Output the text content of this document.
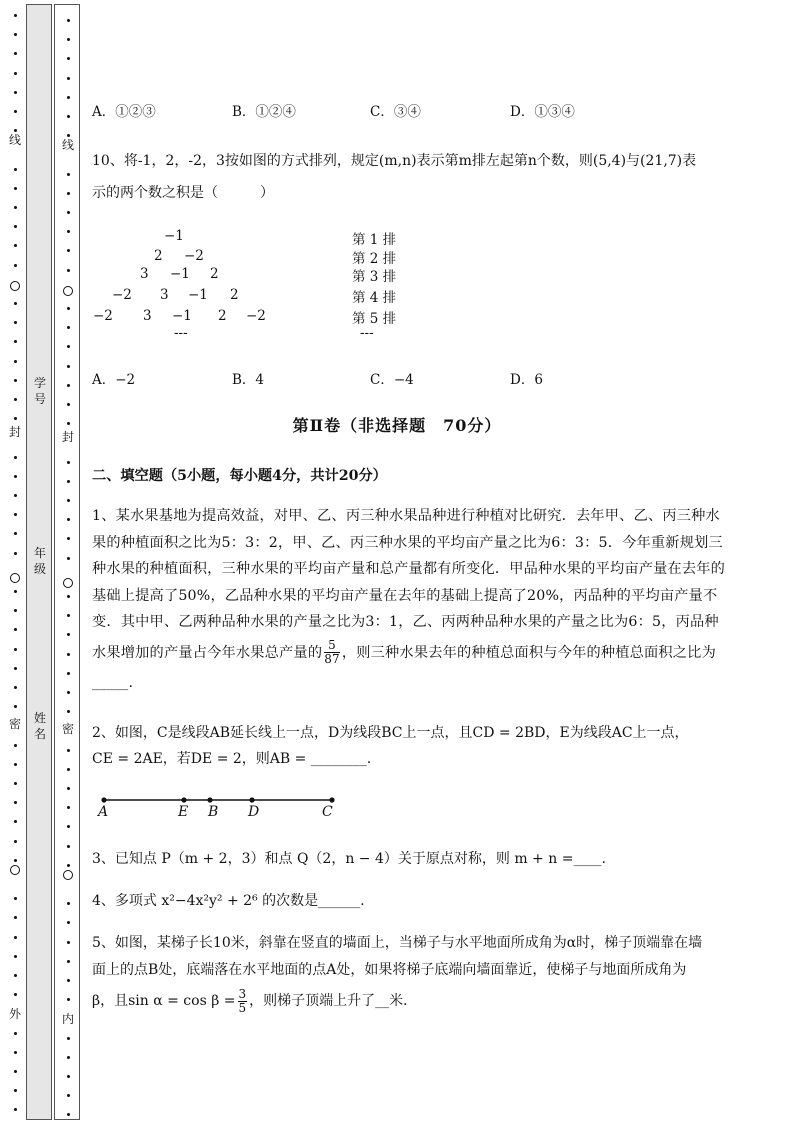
线
封
密
外
学号
年级
姓名
线
封
密
内
A．①②③	B．①②④	C．③④	D．①③④
10、将-1，2，-2，3按如图的方式排列，规定(m,n)表示第m排左起第n个数，则(5,4)与(21,7)表
示的两个数之积是（　　　）
−1
2 −2
3 −1 2
−2 3 −1 2
−2 3 −1 2 −2
---
第 1 排
第 2 排
第 3 排
第 4 排
第 5 排
---
A．−2	B．4	C．−4	D．6
第Ⅱ卷（非选择题　70分）
二、填空题（5小题，每小题4分，共计20分）
1、某水果基地为提高效益，对甲、乙、丙三种水果品种进行种植对比研究．去年甲、乙、丙三种水
果的种植面积之比为5：3：2，甲、乙、丙三种水果的平均亩产量之比为6：3：5．今年重新规划三
种水果的种植面积，三种水果的平均亩产量和总产量都有所变化．甲品种水果的平均亩产量在去年的
基础上提高了50%，乙品种水果的平均亩产量在去年的基础上提高了20%，丙品种的平均亩产量不
变．其中甲、乙两种品种水果的产量之比为3：1，乙、丙两种品种水果的产量之比为6：5，丙品种
水果增加的产量占今年水果总产量的 $\frac{5}{87}$ ，则三种水果去年的种植总面积与今年的种植总面积之比为
_____.
2、如图，C是线段AB延长线上一点，D为线段BC上一点，且CD = 2BD，E为线段AC上一点，
CE = 2AE，若DE = 2，则AB = ________.
A	E B D	C
3、已知点 P（m + 2，3）和点 Q（2，n − 4）关于原点对称，则 m + n =____.
4、多项式 x²−4x²y² + 2⁶ 的次数是______.
5、如图，某梯子长10米，斜靠在竖直的墙面上，当梯子与水平地面所成角为α时，梯子顶端靠在墙
面上的点B处，底端落在水平地面的点A处，如果将梯子底端向墙面靠近，使梯子与地面所成角为
β，且$\sin \alpha = \cos \beta = \frac{3}{5}$ ，则梯子顶端上升了__米．
